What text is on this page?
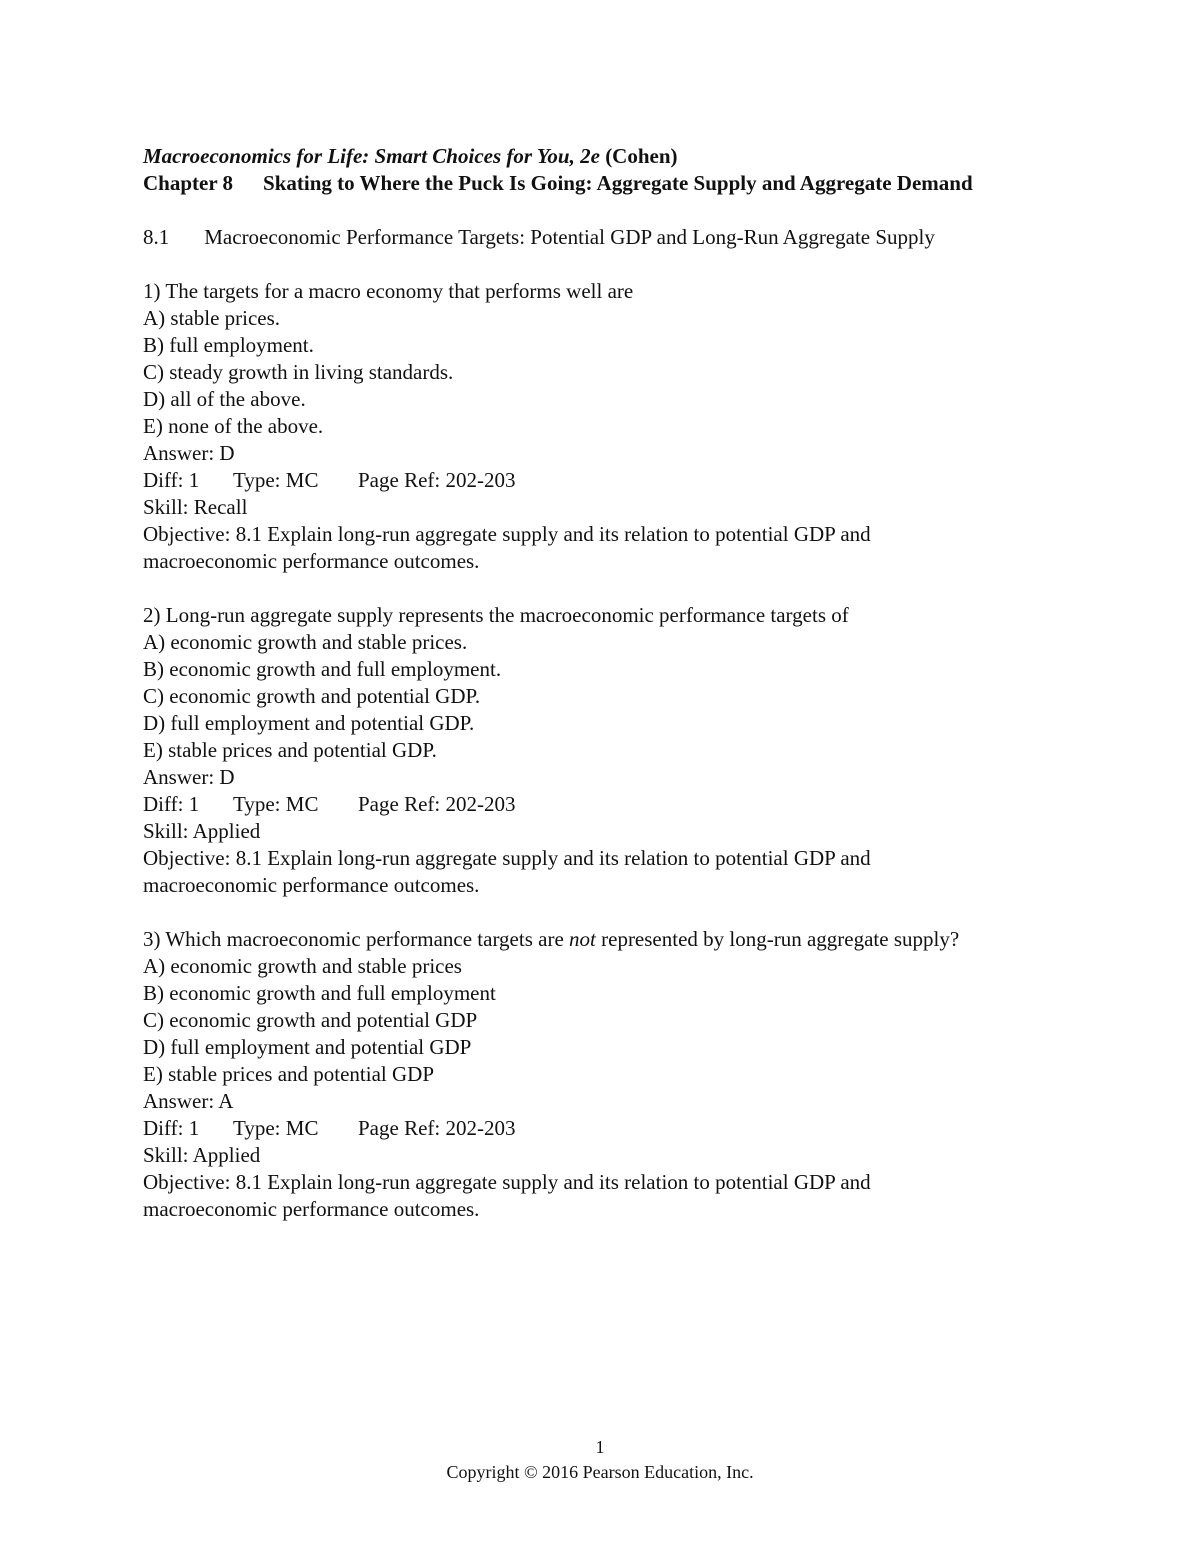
Macroeconomics for Life: Smart Choices for You, 2e (Cohen)
Chapter 8 Skating to Where the Puck Is Going: Aggregate Supply and Aggregate Demand
8.1 Macroeconomic Performance Targets: Potential GDP and Long-Run Aggregate Supply
1) The targets for a macro economy that performs well are
A) stable prices.
B) full employment.
C) steady growth in living standards.
D) all of the above.
E) none of the above.
Answer: D
Diff: 1 Type: MC Page Ref: 202-203
Skill: Recall
Objective: 8.1 Explain long-run aggregate supply and its relation to potential GDP and
macroeconomic performance outcomes.
2) Long-run aggregate supply represents the macroeconomic performance targets of
A) economic growth and stable prices.
B) economic growth and full employment.
C) economic growth and potential GDP.
D) full employment and potential GDP.
E) stable prices and potential GDP.
Answer: D
Diff: 1 Type: MC Page Ref: 202-203
Skill: Applied
Objective: 8.1 Explain long-run aggregate supply and its relation to potential GDP and
macroeconomic performance outcomes.
3) Which macroeconomic performance targets are not represented by long-run aggregate supply?
A) economic growth and stable prices
B) economic growth and full employment
C) economic growth and potential GDP
D) full employment and potential GDP
E) stable prices and potential GDP
Answer: A
Diff: 1 Type: MC Page Ref: 202-203
Skill: Applied
Objective: 8.1 Explain long-run aggregate supply and its relation to potential GDP and
macroeconomic performance outcomes.
1
Copyright © 2016 Pearson Education, Inc.
